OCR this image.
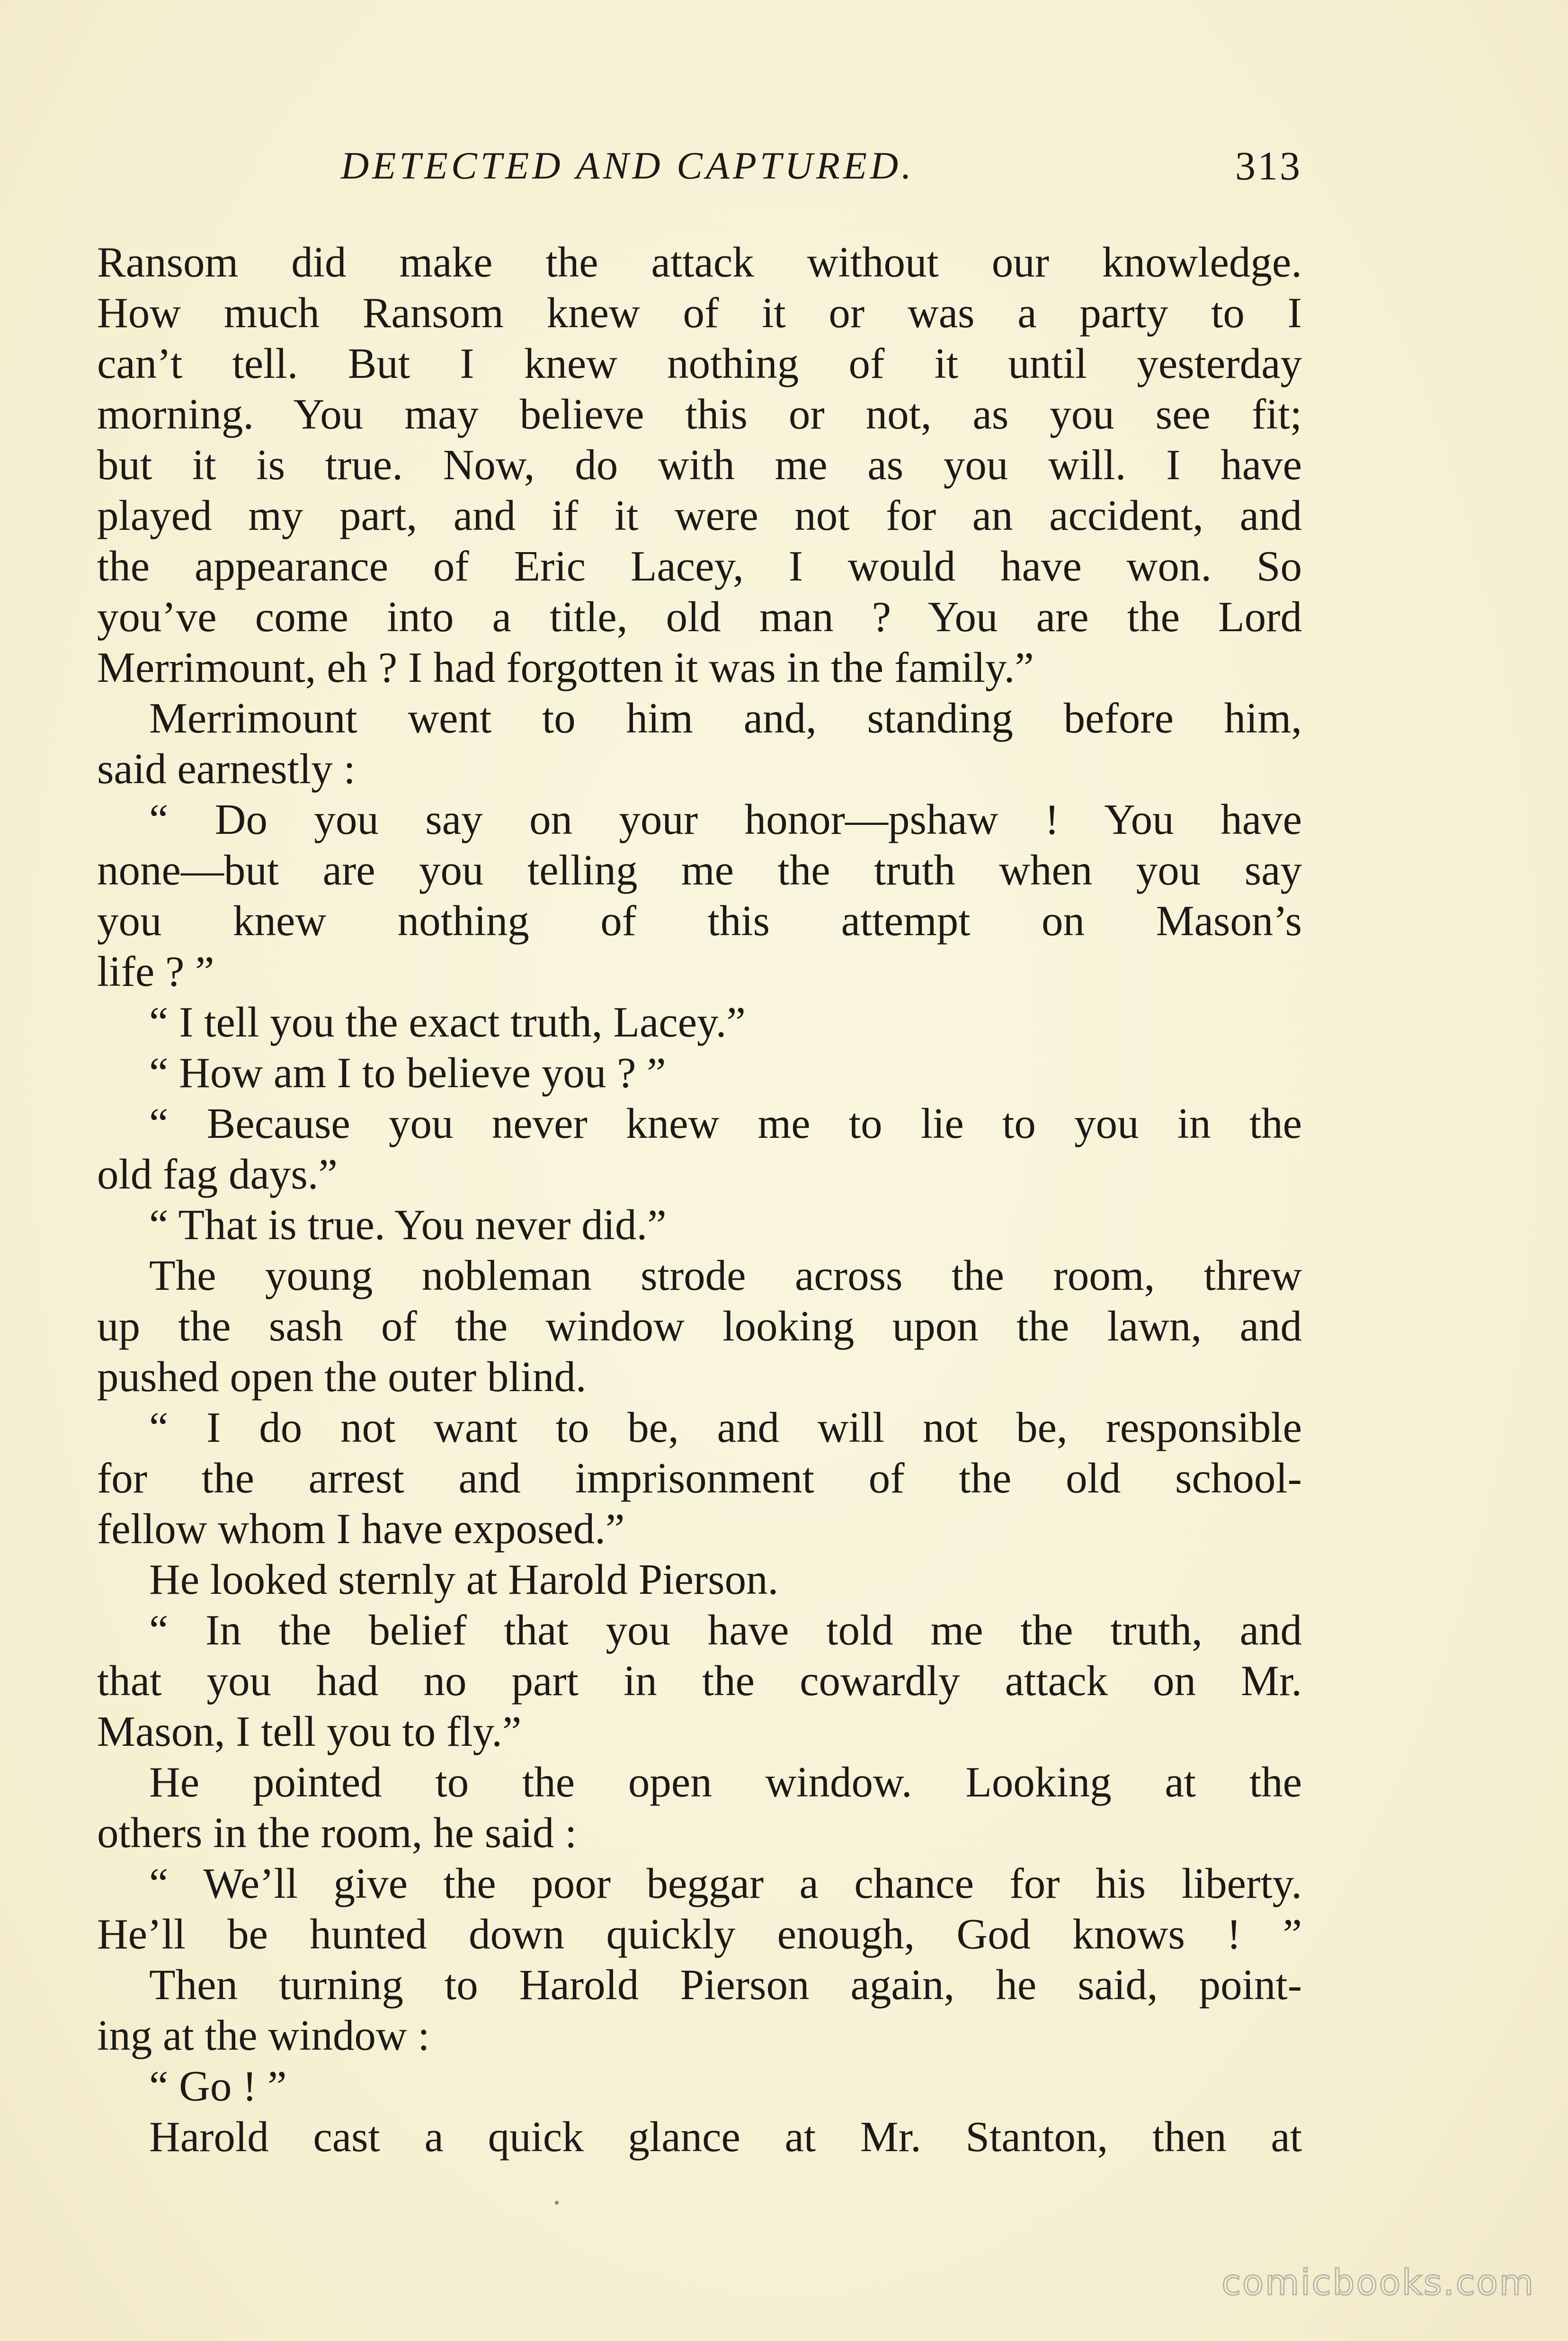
DETECTED AND CAPTURED.	313
Ransom did make the attack without our knowledge.
How much Ransom knew of it or was a party to I
can’t tell. But I knew nothing of it until yesterday
morning. You may believe this or not, as you see fit;
but it is true. Now, do with me as you will. I have
played my part, and if it were not for an accident, and
the appearance of Eric Lacey, I would have won. So
you’ve come into a title, old man ? You are the Lord
Merrimount, eh ? I had forgotten it was in the family.”
Merrimount went to him and, standing before him,
said earnestly :
“ Do you say on your honor—pshaw ! You have
none—but are you telling me the truth when you say
you knew nothing of this attempt on Mason’s
life ? ”
“ I tell you the exact truth, Lacey.”
“ How am I to believe you ? ”
“ Because you never knew me to lie to you in the
old fag days.”
“ That is true. You never did.”
The young nobleman strode across the room, threw
up the sash of the window looking upon the lawn, and
pushed open the outer blind.
“ I do not want to be, and will not be, responsible
for the arrest and imprisonment of the old school-
fellow whom I have exposed.”
He looked sternly at Harold Pierson.
“ In the belief that you have told me the truth, and
that you had no part in the cowardly attack on Mr.
Mason, I tell you to fly.”
He pointed to the open window. Looking at the
others in the room, he said :
“ We’ll give the poor beggar a chance for his liberty.
He’ll be hunted down quickly enough, God knows ! ”
Then turning to Harold Pierson again, he said, point-
ing at the window :
“ Go ! ”
Harold cast a quick glance at Mr. Stanton, then at
comicbooks.com
